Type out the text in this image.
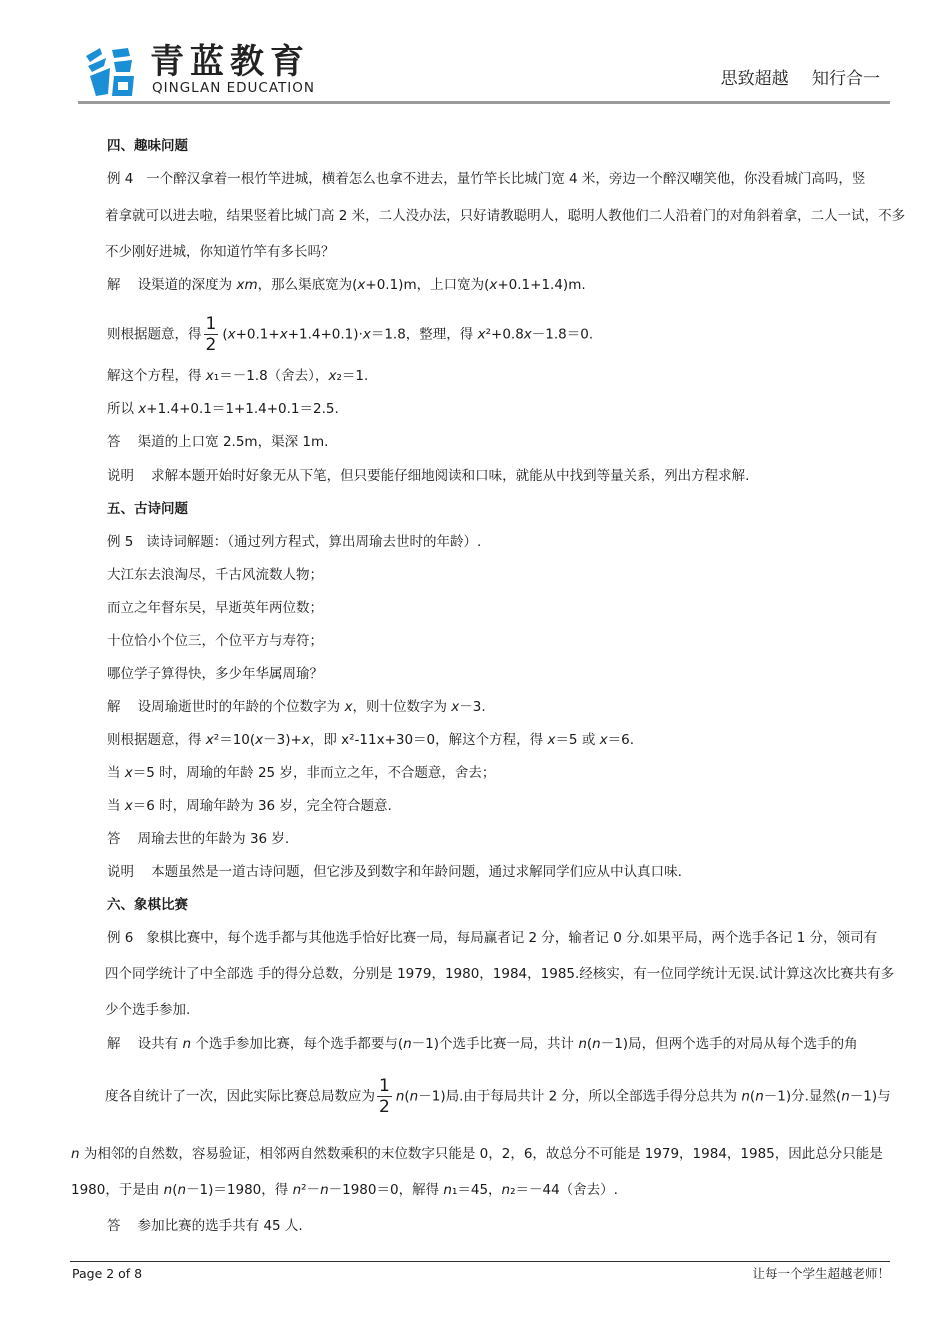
青蓝教育
QINGLAN EDUCATION	思致超越 知行合一
四、趣味问题
例 4 一个醉汉拿着一根竹竿进城，横着怎么也拿不进去，量竹竿长比城门宽 4 米，旁边一个醉汉嘲笑他，你没看城门高吗，竖
着拿就可以进去啦，结果竖着比城门高 2 米，二人没办法，只好请教聪明人，聪明人教他们二人沿着门的对角斜着拿，二人一试，不多
不少刚好进城，你知道竹竿有多长吗？
解 设渠道的深度为 xm，那么渠底宽为(x+0.1)m，上口宽为(x+0.1+1.4)m.
则根据题意，得 $\frac{1}{2} (x+0.1+x+1.4+0.1)\cdot x=1.8$，整理，得 x²+0.8x－1.8＝0.
解这个方程，得 x₁＝－1.8（舍去），x₂＝1.
所以 x+1.4+0.1＝1+1.4+0.1＝2.5.
答 渠道的上口宽 2.5m，渠深 1m.
说明 求解本题开始时好象无从下笔，但只要能仔细地阅读和口味，就能从中找到等量关系，列出方程求解.
五、古诗问题
例 5 读诗词解题：（通过列方程式，算出周瑜去世时的年龄）.
大江东去浪淘尽，千古风流数人物；
而立之年督东吴，早逝英年两位数；
十位恰小个位三，个位平方与寿符；
哪位学子算得快，多少年华属周瑜？
解 设周瑜逝世时的年龄的个位数字为 x，则十位数字为 x－3.
则根据题意，得 x²＝10(x－3)+x，即 x²-11x+30＝0，解这个方程，得 x＝5 或 x＝6.
当 x＝5 时，周瑜的年龄 25 岁，非而立之年，不合题意，舍去；
当 x＝6 时，周瑜年龄为 36 岁，完全符合题意.
答 周瑜去世的年龄为 36 岁.
说明 本题虽然是一道古诗问题，但它涉及到数字和年龄问题，通过求解同学们应从中认真口味.
六、象棋比赛
例 6 象棋比赛中，每个选手都与其他选手恰好比赛一局，每局赢者记 2 分，输者记 0 分.如果平局，两个选手各记 1 分，领司有
四个同学统计了中全部选 手的得分总数，分别是 1979，1980，1984，1985.经核实，有一位同学统计无误.试计算这次比赛共有多
少个选手参加.
解 设共有 n 个选手参加比赛，每个选手都要与(n－1)个选手比赛一局，共计 n(n－1)局，但两个选手的对局从每个选手的角
度各自统计了一次，因此实际比赛总局数应为 $\frac{1}{2} n(n-1)$局.由于每局共计 2 分，所以全部选手得分总共为 n(n－1)分.显然(n－1)与
n 为相邻的自然数，容易验证，相邻两自然数乘积的末位数字只能是 0，2，6，故总分不可能是 1979，1984，1985，因此总分只能是
1980，于是由 n(n－1)＝1980，得 n²－n－1980＝0，解得 n₁＝45，n₂＝－44（舍去）.
答 参加比赛的选手共有 45 人.
Page 2 of 8	让每一个学生超越老师！
